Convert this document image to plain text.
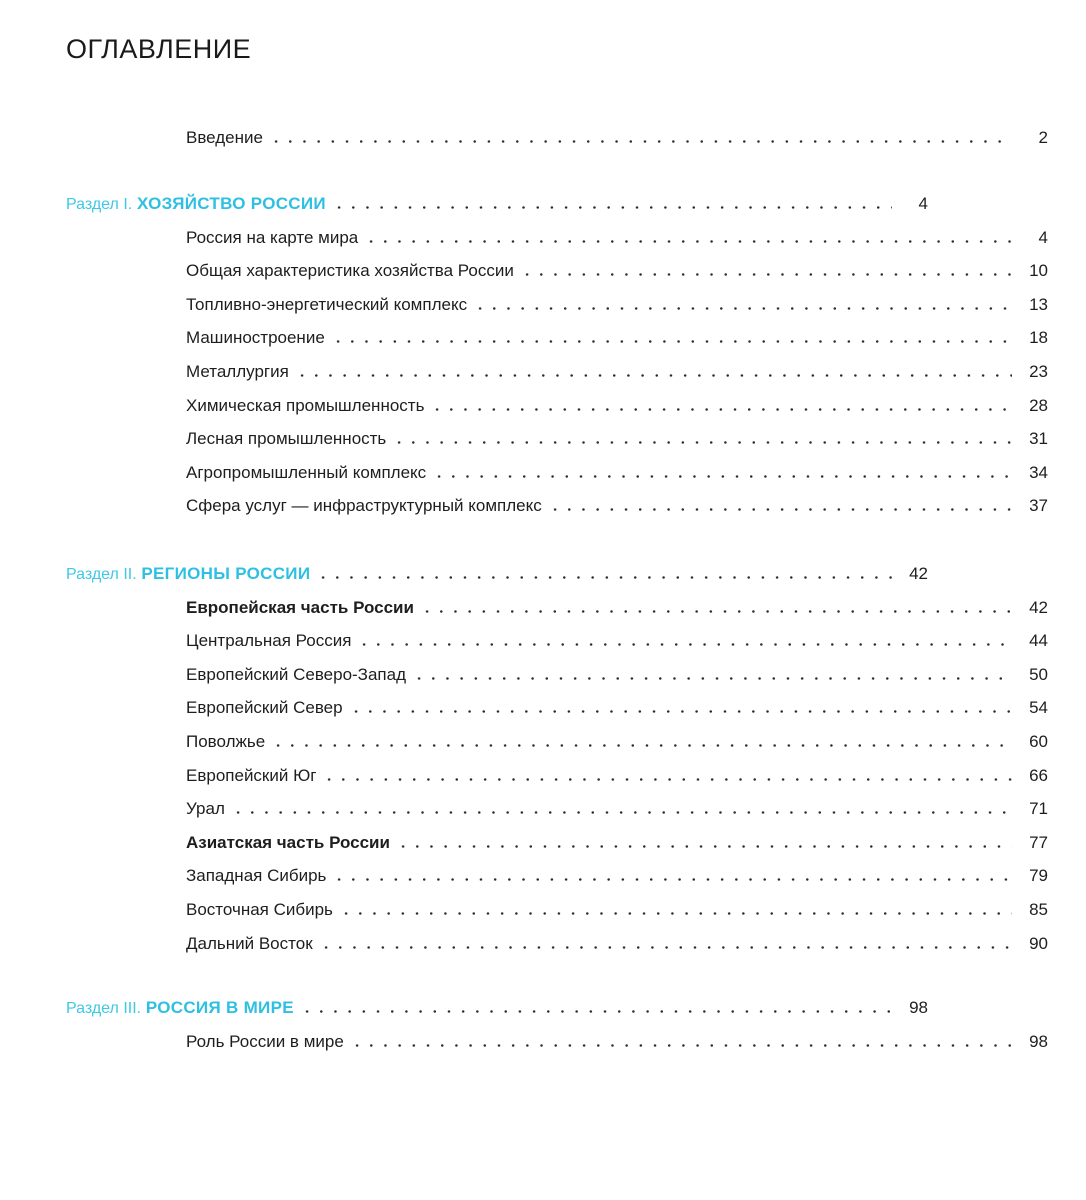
ОГЛАВЛЕНИЕ
Введение	2
Раздел I. ХОЗЯЙСТВО РОССИИ	4
Россия на карте мира	4
Общая характеристика хозяйства России	10
Топливно-энергетический комплекс	13
Машиностроение	18
Металлургия	23
Химическая промышленность	28
Лесная промышленность	31
Агропромышленный комплекс	34
Сфера услуг — инфраструктурный комплекс	37
Раздел II. РЕГИОНЫ РОССИИ	42
Европейская часть России	42
Центральная Россия	44
Европейский Северо-Запад	50
Европейский Север	54
Поволжье	60
Европейский Юг	66
Урал	71
Азиатская часть России	77
Западная Сибирь	79
Восточная Сибирь	85
Дальний Восток	90
Раздел III. РОССИЯ В МИРЕ	98
Роль России в мире	98
